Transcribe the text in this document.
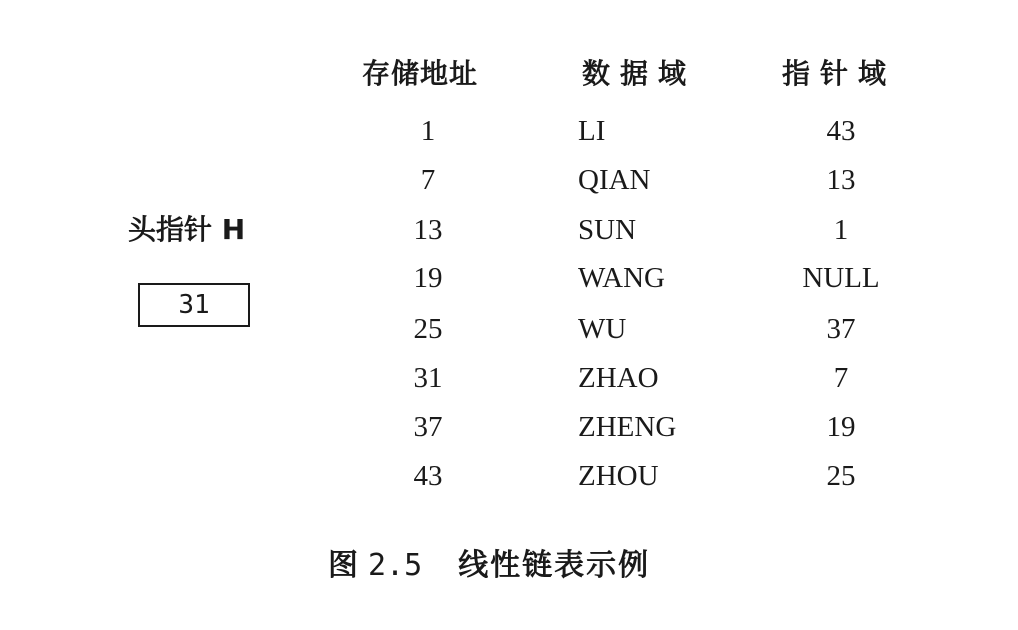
存储地址	数据域	指针域
1	LI	43
7	QIAN	13
13	SUN	1
19	WANG	NULL
25	WU	37
31	ZHAO	7
37	ZHENG	19
43	ZHOU	25
头指针 H
31
图 2.5 线性链表示例
